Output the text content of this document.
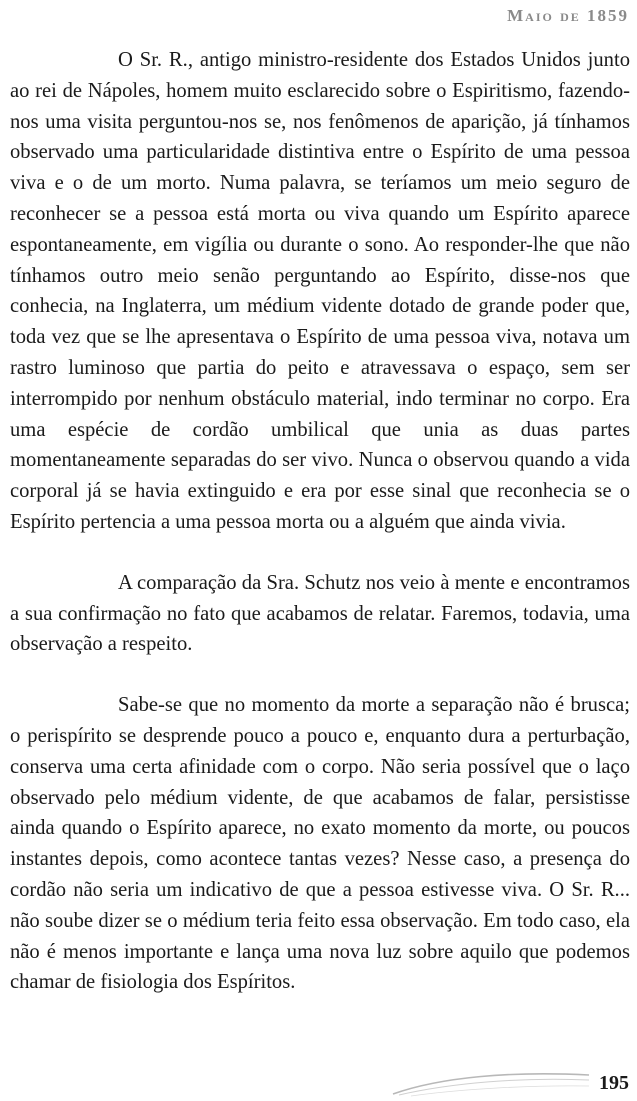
Maio de 1859

O Sr. R., antigo ministro-residente dos Estados Unidos junto ao rei de Nápoles, homem muito esclarecido sobre o Espiritismo, fazendo-nos uma visita perguntou-nos se, nos fenômenos de aparição, já tínhamos observado uma particularidade distintiva entre o Espírito de uma pessoa viva e o de um morto. Numa palavra, se teríamos um meio seguro de reconhecer se a pessoa está morta ou viva quando um Espírito aparece espontaneamente, em vigília ou durante o sono. Ao responder-lhe que não tínhamos outro meio senão perguntando ao Espírito, disse-nos que conhecia, na Inglaterra, um médium vidente dotado de grande poder que, toda vez que se lhe apresentava o Espírito de uma pessoa viva, notava um rastro luminoso que partia do peito e atravessava o espaço, sem ser interrompido por nenhum obstáculo material, indo terminar no corpo. Era uma espécie de cordão umbilical que unia as duas partes momentaneamente separadas do ser vivo. Nunca o observou quando a vida corporal já se havia extinguido e era por esse sinal que reconhecia se o Espírito pertencia a uma pessoa morta ou a alguém que ainda vivia.

A comparação da Sra. Schutz nos veio à mente e encontramos a sua confirmação no fato que acabamos de relatar. Faremos, todavia, uma observação a respeito.

Sabe-se que no momento da morte a separação não é brusca; o perispírito se desprende pouco a pouco e, enquanto dura a perturbação, conserva uma certa afinidade com o corpo. Não seria possível que o laço observado pelo médium vidente, de que acabamos de falar, persistisse ainda quando o Espírito aparece, no exato momento da morte, ou poucos instantes depois, como acontece tantas vezes? Nesse caso, a presença do cordão não seria um indicativo de que a pessoa estivesse viva. O Sr. R... não soube dizer se o médium teria feito essa observação. Em todo caso, ela não é menos importante e lança uma nova luz sobre aquilo que podemos chamar de fisiologia dos Espíritos.

195
